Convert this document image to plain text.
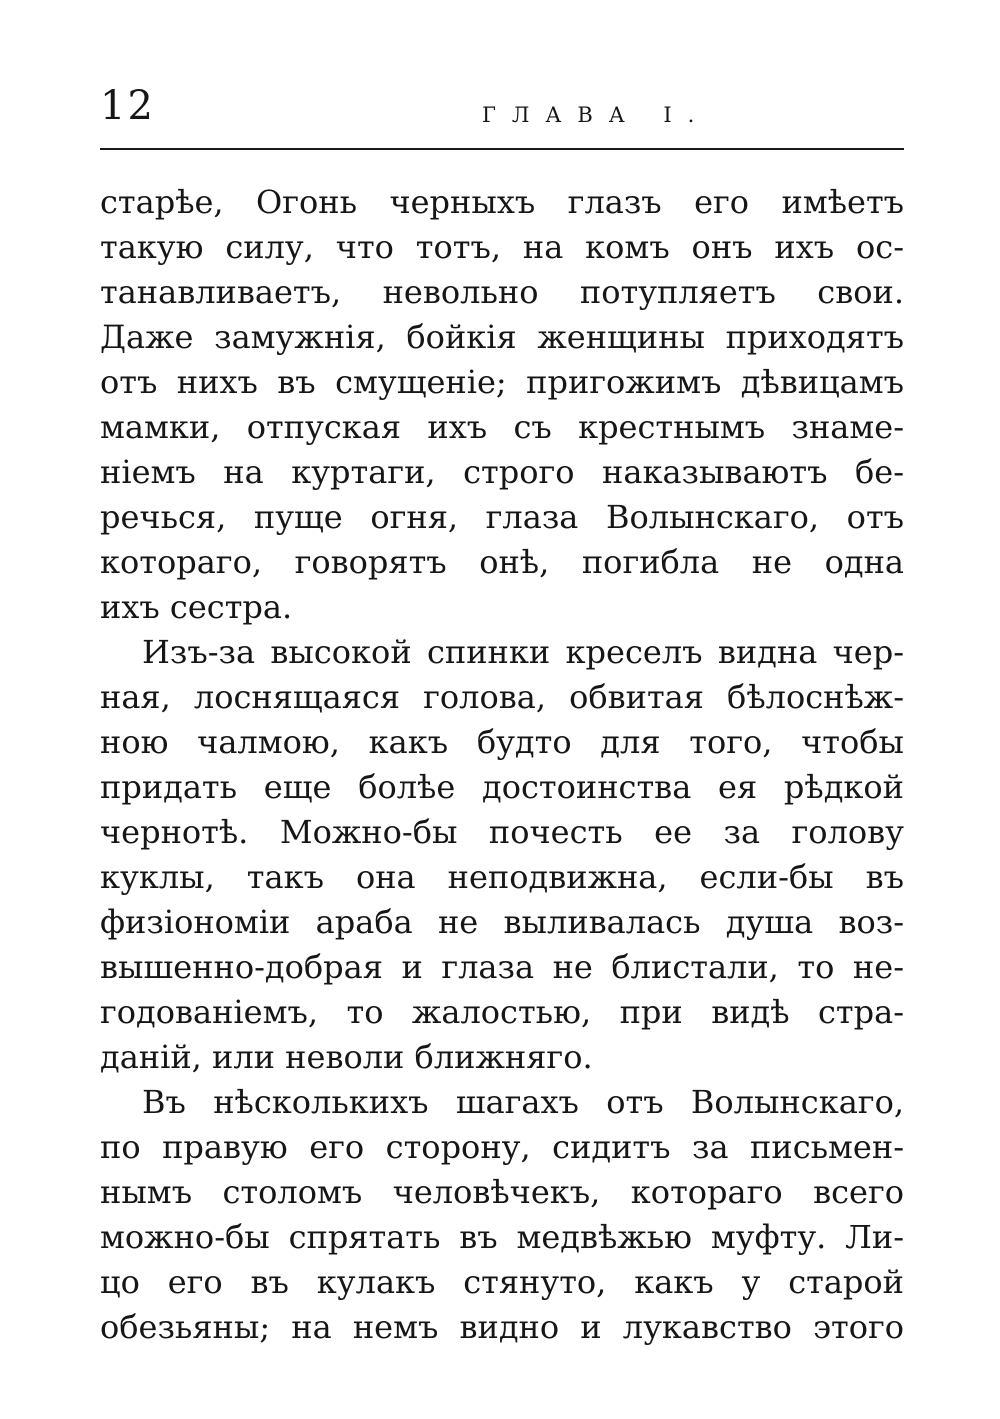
12	ГЛАВА I.
старѣе, Огонь черныхъ глазъ его имѣетъ
такую силу, что тотъ, на комъ онъ ихъ ос-
танавливаетъ, невольно потупляетъ свои.
Даже замужнія, бойкія женщины приходятъ
отъ нихъ въ смущеніе; пригожимъ дѣвицамъ
мамки, отпуская ихъ съ крестнымъ знаме-
ніемъ на куртаги, строго наказываютъ бе-
речься, пуще огня, глаза Волынскаго, отъ
котораго, говорятъ онѣ, погибла не одна
ихъ сестра.
Изъ-за высокой спинки креселъ видна чер-
ная, лоснящаяся голова, обвитая бѣлоснѣж-
ною чалмою, какъ будто для того, чтобы
придать еще болѣе достоинства ея рѣдкой
чернотѣ. Можно-бы почесть ее за голову
куклы, такъ она неподвижна, если-бы въ
физіономіи араба не выливалась душа воз-
вышенно-добрая и глаза не блистали, то не-
годованіемъ, то жалостью, при видѣ стра-
даній, или неволи ближняго.
Въ нѣсколькихъ шагахъ отъ Волынскаго,
по правую его сторону, сидитъ за письмен-
нымъ столомъ человѣчекъ, котораго всего
можно-бы спрятать въ медвѣжью муфту. Ли-
цо его въ кулакъ стянуто, какъ у старой
обезьяны; на немъ видно и лукавство этого
